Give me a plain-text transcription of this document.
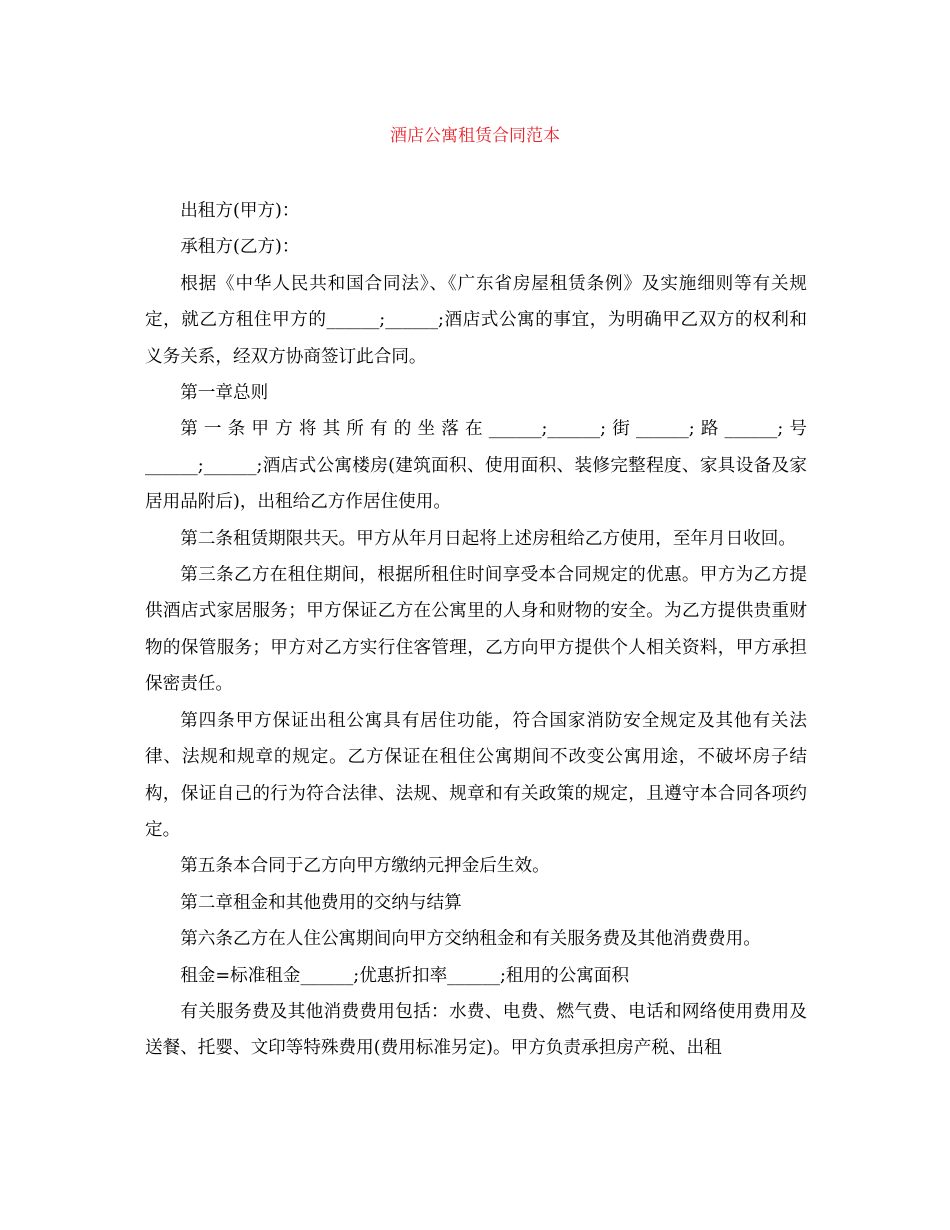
酒店公寓租赁合同范本

出租方(甲方)：

承租方(乙方)：

根据《中华人民共和国合同法》、《广东省房屋租赁条例》及实施细则等有关规定，就乙方租住甲方的______;______;酒店式公寓的事宜，为明确甲乙双方的权利和义务关系，经双方协商签订此合同。

第一章总则

第一条甲方将其所有的坐落在______;______;街______;路______;号______;______;酒店式公寓楼房(建筑面积、使用面积、装修完整程度、家具设备及家居用品附后)，出租给乙方作居住使用。

第二条租赁期限共天。甲方从年月日起将上述房租给乙方使用，至年月日收回。

第三条乙方在租住期间，根据所租住时间享受本合同规定的优惠。甲方为乙方提供酒店式家居服务；甲方保证乙方在公寓里的人身和财物的安全。为乙方提供贵重财物的保管服务；甲方对乙方实行住客管理，乙方向甲方提供个人相关资料，甲方承担保密责任。

第四条甲方保证出租公寓具有居住功能，符合国家消防安全规定及其他有关法律、法规和规章的规定。乙方保证在租住公寓期间不改变公寓用途，不破坏房子结构，保证自己的行为符合法律、法规、规章和有关政策的规定，且遵守本合同各项约定。

第五条本合同于乙方向甲方缴纳元押金后生效。

第二章租金和其他费用的交纳与结算

第六条乙方在人住公寓期间向甲方交纳租金和有关服务费及其他消费费用。

租金=标准租金______;优惠折扣率______;租用的公寓面积

有关服务费及其他消费费用包括：水费、电费、燃气费、电话和网络使用费用及送餐、托婴、文印等特殊费用(费用标准另定)。甲方负责承担房产税、出租
